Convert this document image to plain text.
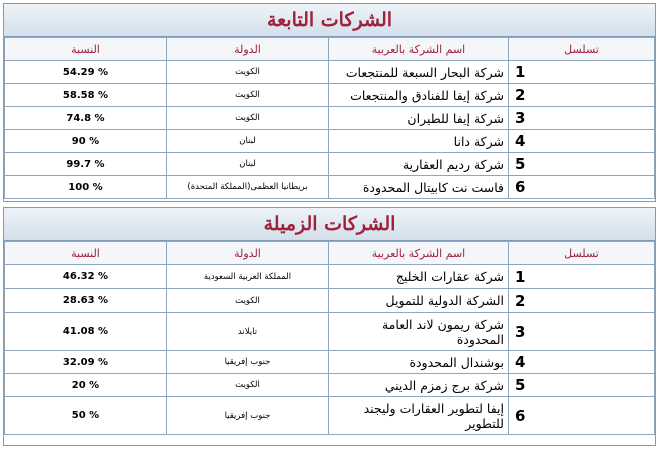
الشركات التابعة
تسلسل	اسم الشركة بالعربية	الدولة	النسبة
1	شركة البحار السبعة للمنتجعات	الكويت	% 54.29
2	شركة إيفا للفنادق والمنتجعات	الكويت	% 58.58
3	شركة إيفا للطيران	الكويت	% 74.8
4	شركة دانا	لبنان	% 90
5	شركة رديم العقارية	لبنان	% 99.7
6	فاست نت كابيتال المحدودة	بريطانيا العظمى(المملكة المتحدة)	% 100
الشركات الزميلة
تسلسل	اسم الشركة بالعربية	الدولة	النسبة
1	شركة عقارات الخليج	المملكة العربية السعودية	% 46.32
2	الشركة الدولية للتمويل	الكويت	% 28.63
3	شركة ريمون لاند العامة المحدودة	تايلاند	% 41.08
4	بوشندال المحدودة	جنوب إفريقيا	% 32.09
5	شركة برج زمزم الديني	الكويت	% 20
6	إيفا لتطوير العقارات وليجند للتطوير	جنوب إفريقيا	% 50
